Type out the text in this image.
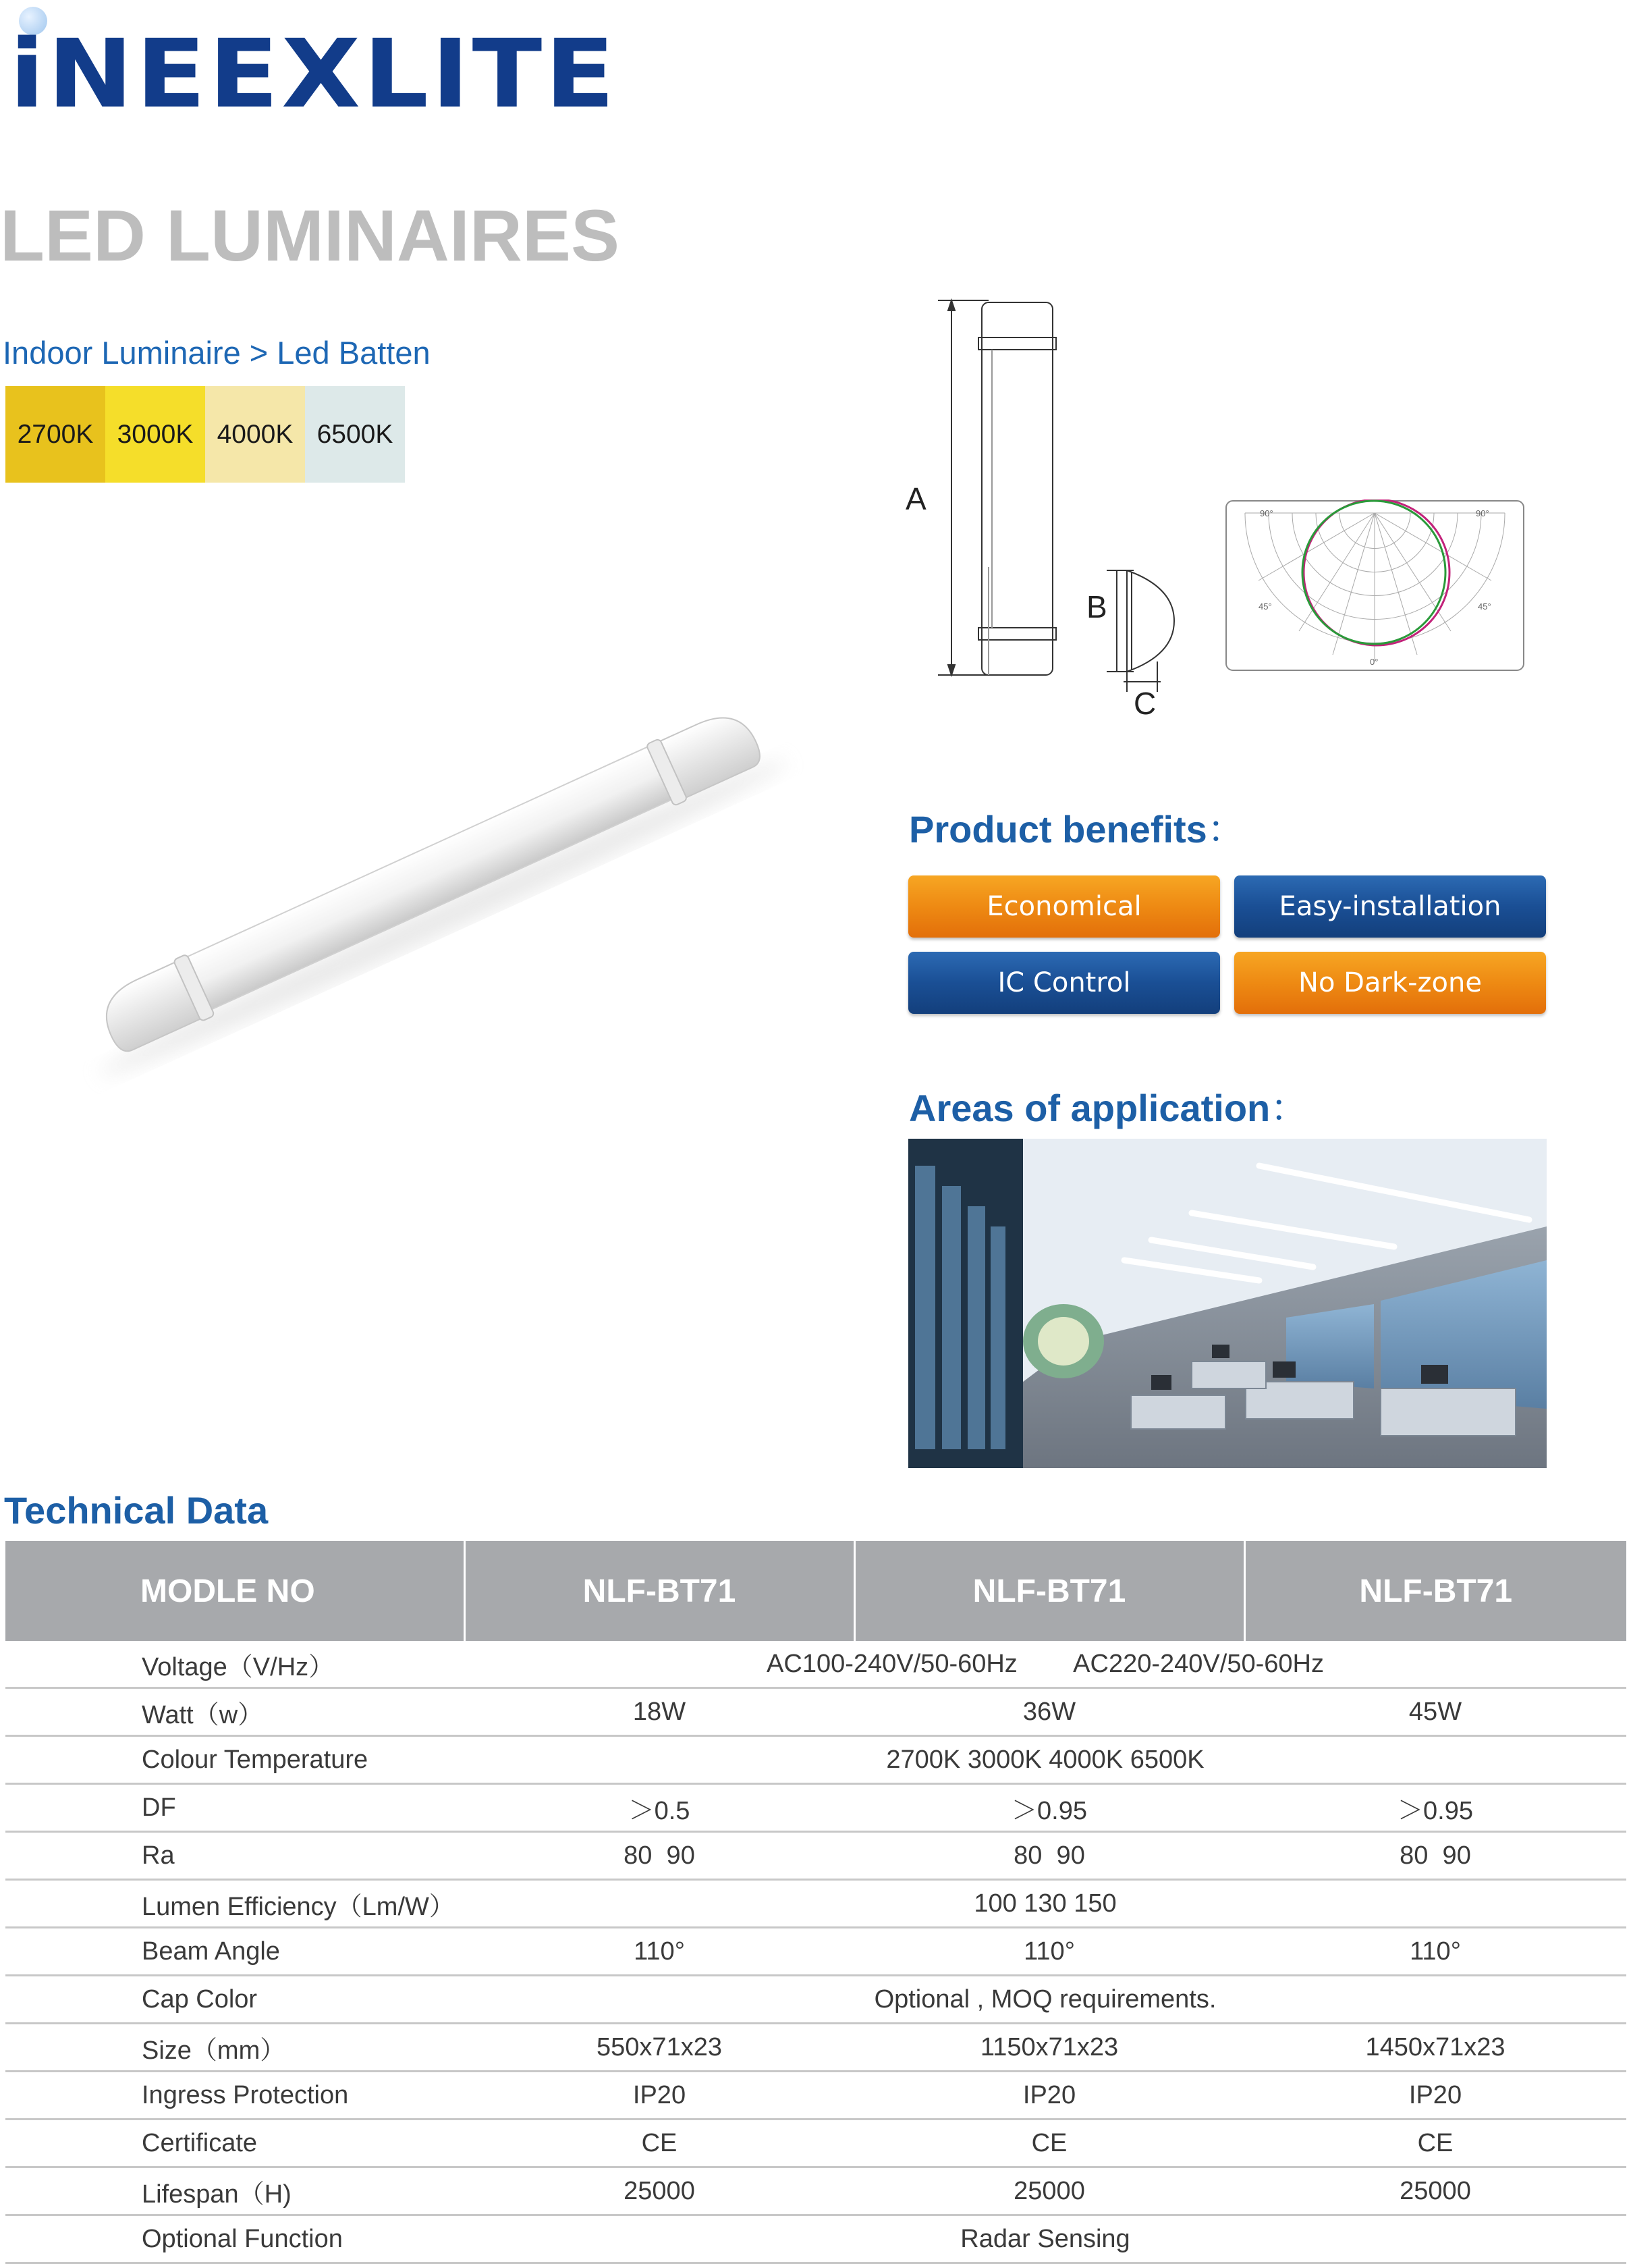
iNEEXLITE
LED LUMINAIRES
Indoor Luminaire > Led Batten
2700K 3000K 4000K 6500K
A
B
C
90°	90°
45°	45°
0°
Product benefits：
Economical	Easy-installation
IC Control	No Dark-zone
Areas of application：
Technical Data
MODLE NO	NLF-BT71	NLF-BT71	NLF-BT71
Voltage（V/Hz）	AC100-240V/50-60Hz        AC220-240V/50-60Hz		
Watt（w）	18W	36W	45W
Colour Temperature	2700K 3000K 4000K 6500K		
DF	＞0.5	＞0.95	＞0.95
Ra	80  90	80  90	80  90
Lumen Efficiency（Lm/W）	100 130 150		
Beam Angle	110°	110°	110°
Cap Color	Optional , MOQ requirements.		
Size（mm）	550x71x23	1150x71x23	1450x71x23
Ingress Protection	IP20	IP20	IP20
Certificate	CE	CE	CE
Lifespan（H)	25000	25000	25000
Optional Function	Radar Sensing		
